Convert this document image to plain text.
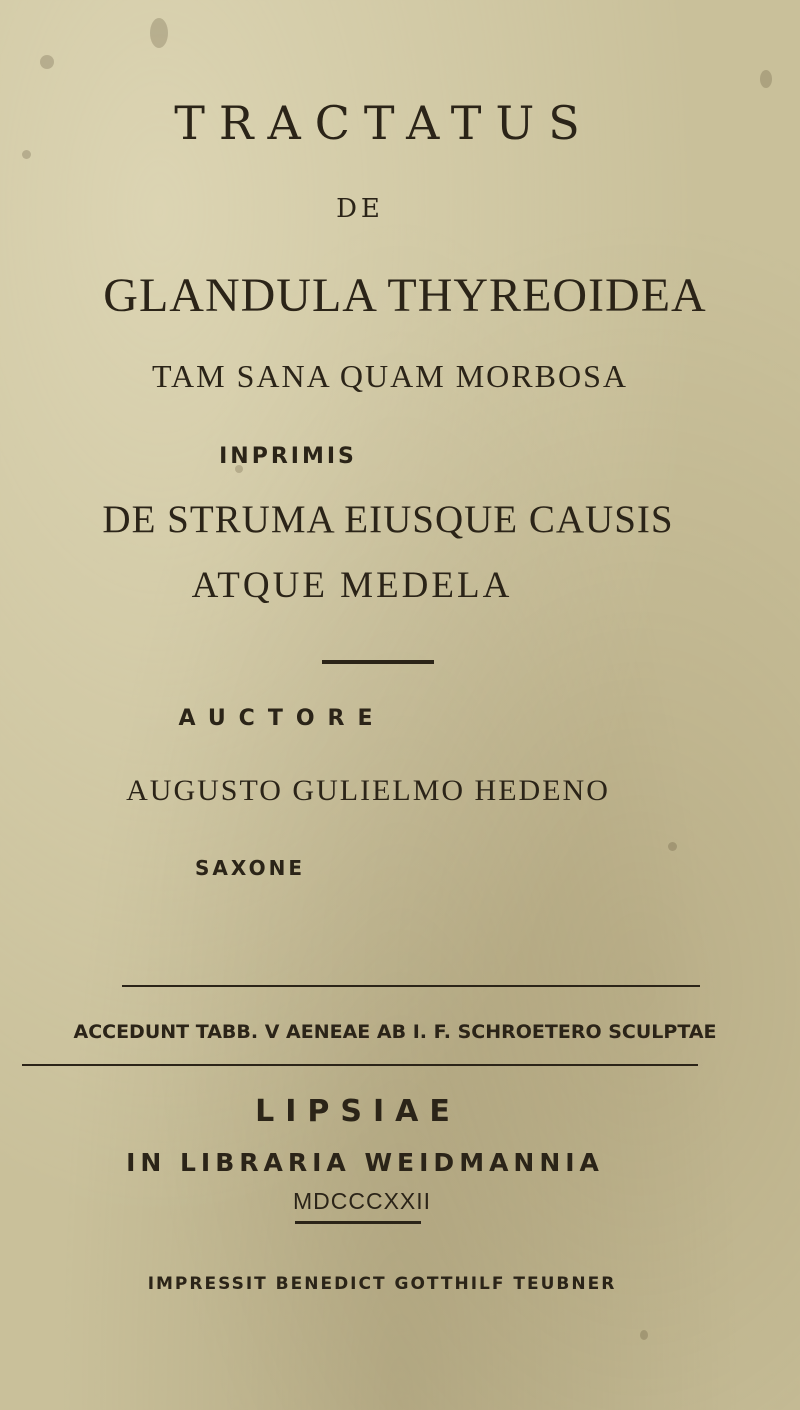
TRACTATUS
DE
GLANDULA THYREOIDEA
TAM SANA QUAM MORBOSA
INPRIMIS
DE STRUMA EIUSQUE CAUSIS
ATQUE MEDELA
AUCTORE
AUGUSTO GULIELMO HEDENO
SAXONE
ACCEDUNT TABB. V AENEAE AB I. F. SCHROETERO SCULPTAE
LIPSIAE
IN LIBRARIA WEIDMANNIA
MDCCCXXII
IMPRESSIT BENEDICT GOTTHILF TEUBNER
